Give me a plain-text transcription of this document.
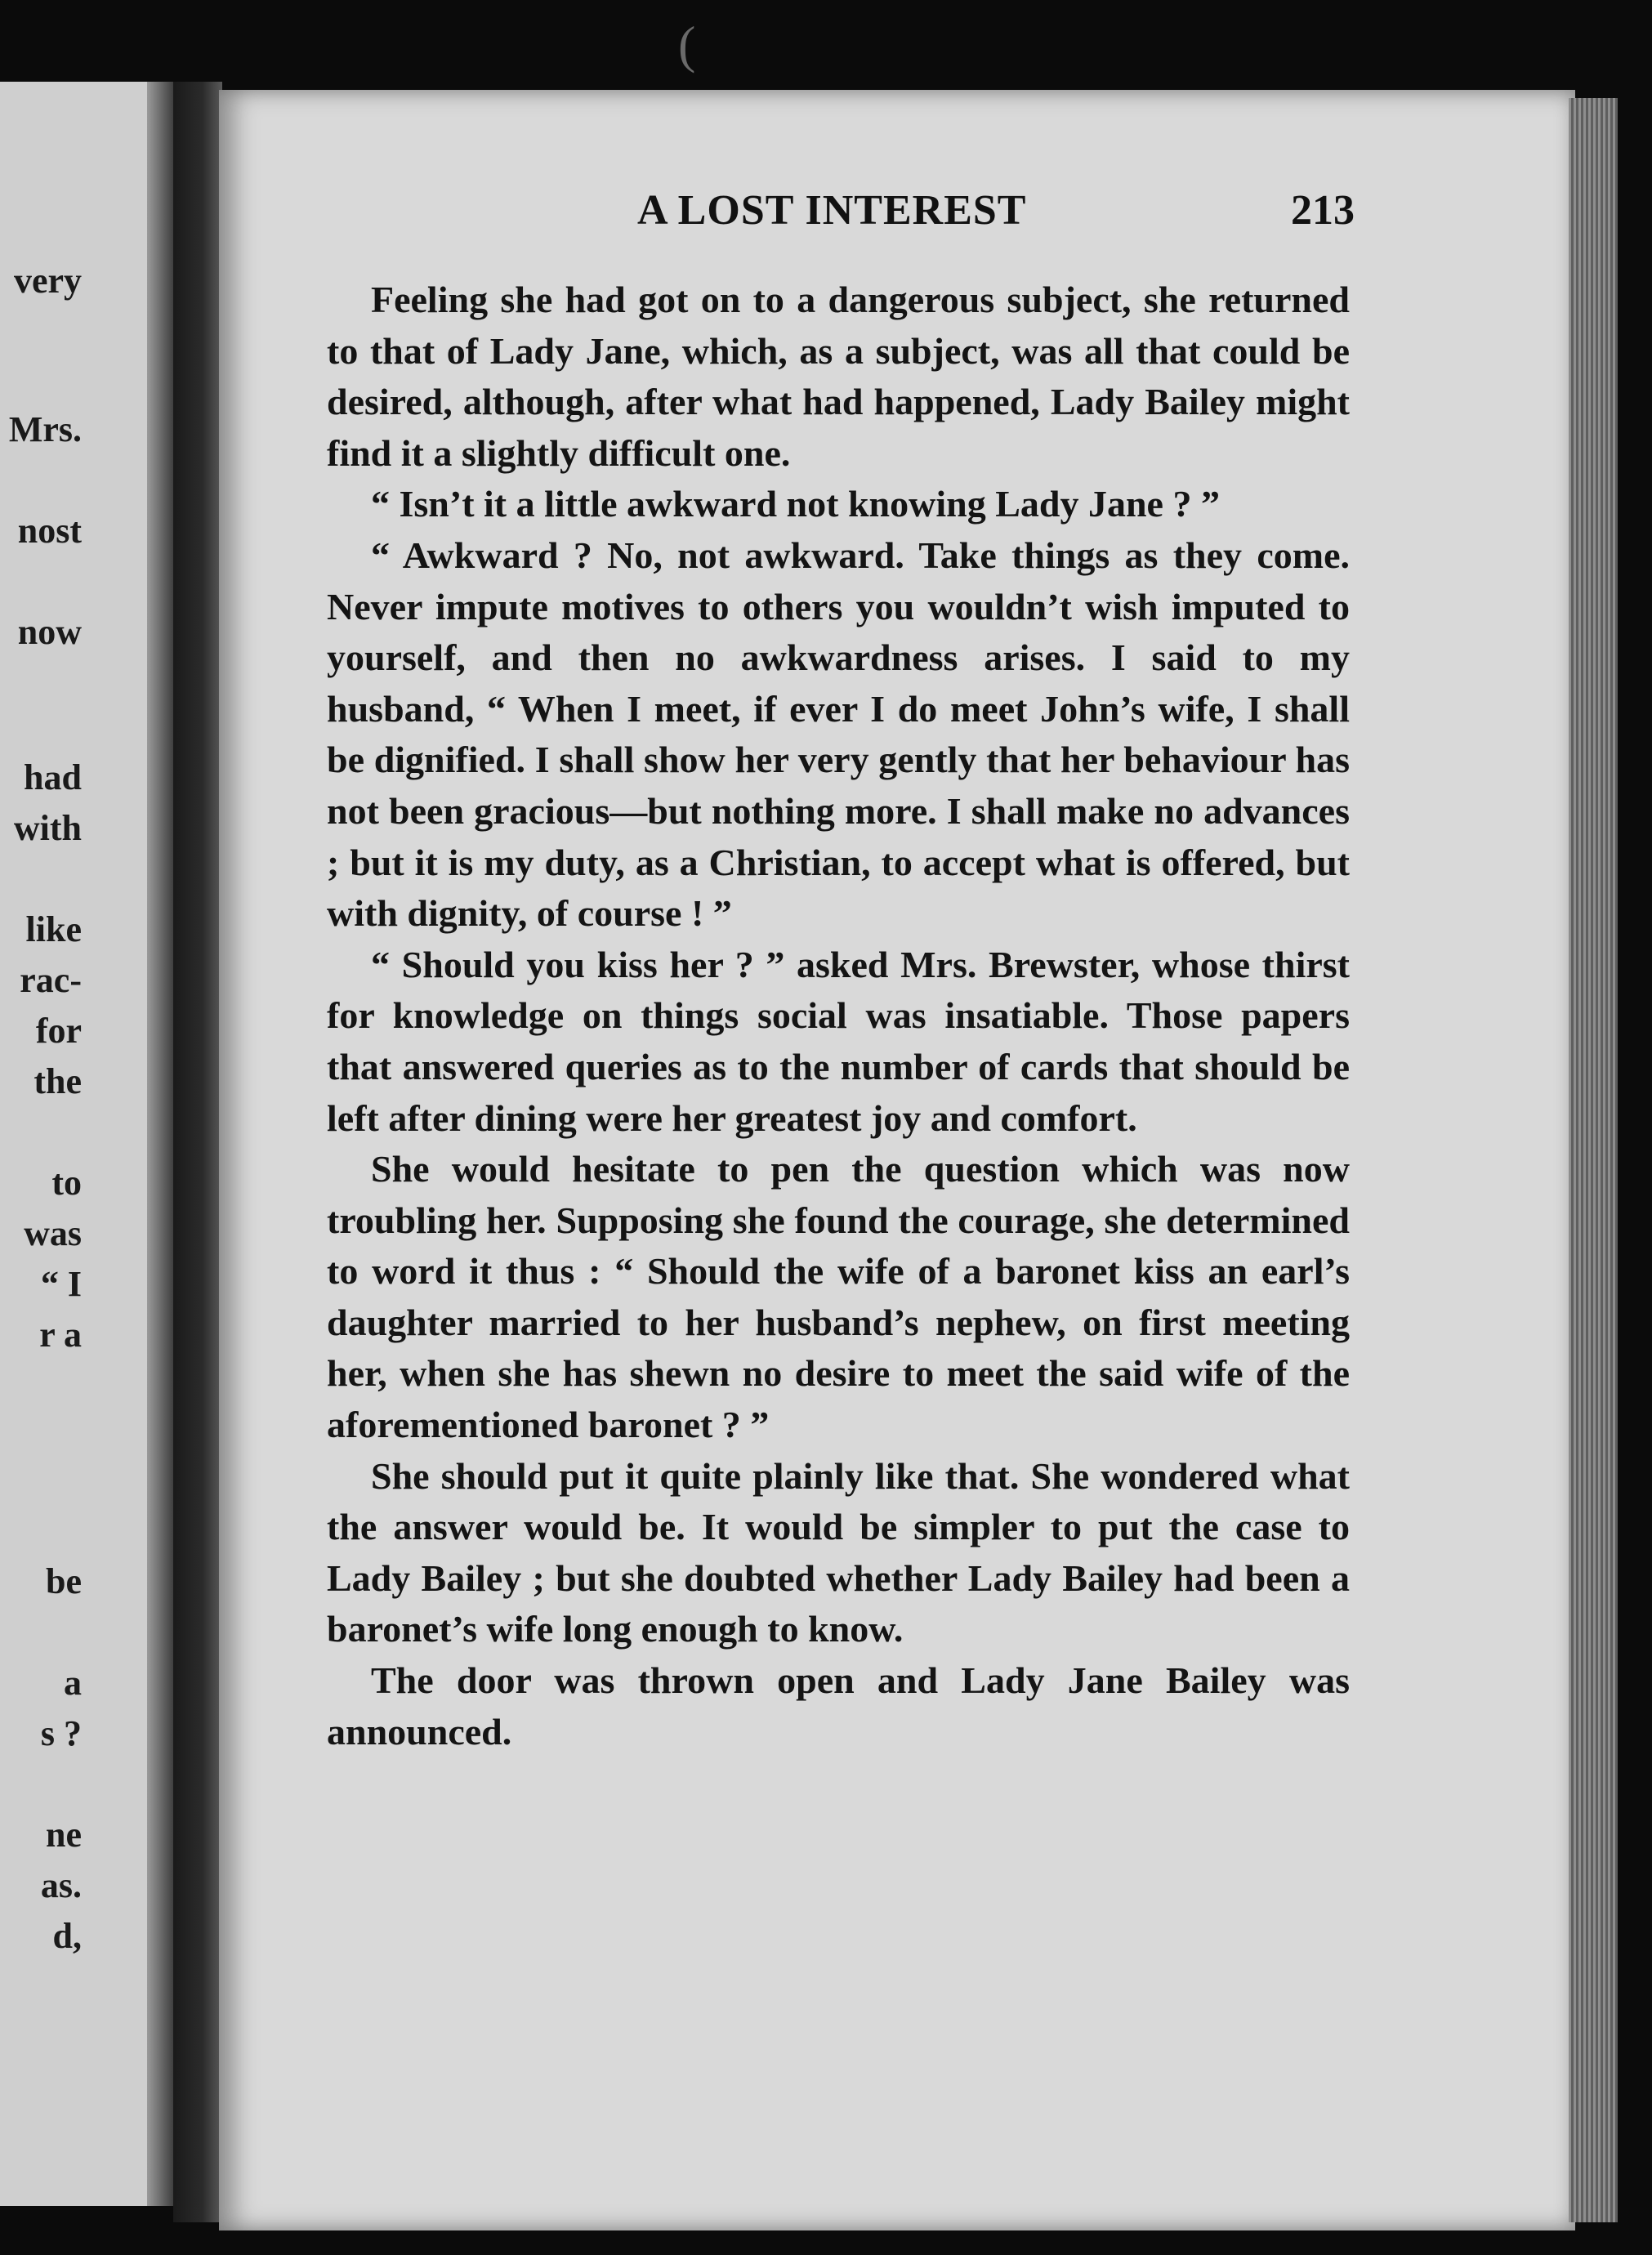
(
very
Mrs.
nost
now
had
with
like
rac-
for
the
to
was
“ I
r a
be
a
s ?
ne
as.
d,
A LOST INTEREST	213

Feeling she had got on to a dangerous subject, she returned to that of Lady Jane, which, as a subject, was all that could be desired, although, after what had happened, Lady Bailey might find it a slightly difficult one.

“ Isn’t it a little awkward not knowing Lady Jane ? ”

“ Awkward ? No, not awkward. Take things as they come. Never impute motives to others you wouldn’t wish imputed to yourself, and then no awkwardness arises. I said to my husband, “ When I meet, if ever I do meet John’s wife, I shall be dignified. I shall show her very gently that her behaviour has not been gracious—but nothing more. I shall make no advances ; but it is my duty, as a Christian, to accept what is offered, but with dignity, of course ! ”

“ Should you kiss her ? ” asked Mrs. Brewster, whose thirst for knowledge on things social was insatiable. Those papers that answered queries as to the number of cards that should be left after dining were her greatest joy and comfort.

She would hesitate to pen the question which was now troubling her. Supposing she found the courage, she determined to word it thus : “ Should the wife of a baronet kiss an earl’s daughter married to her husband’s nephew, on first meeting her, when she has shewn no desire to meet the said wife of the aforementioned baronet ? ”

She should put it quite plainly like that. She wondered what the answer would be. It would be simpler to put the case to Lady Bailey ; but she doubted whether Lady Bailey had been a baronet’s wife long enough to know.

The door was thrown open and Lady Jane Bailey was announced.
